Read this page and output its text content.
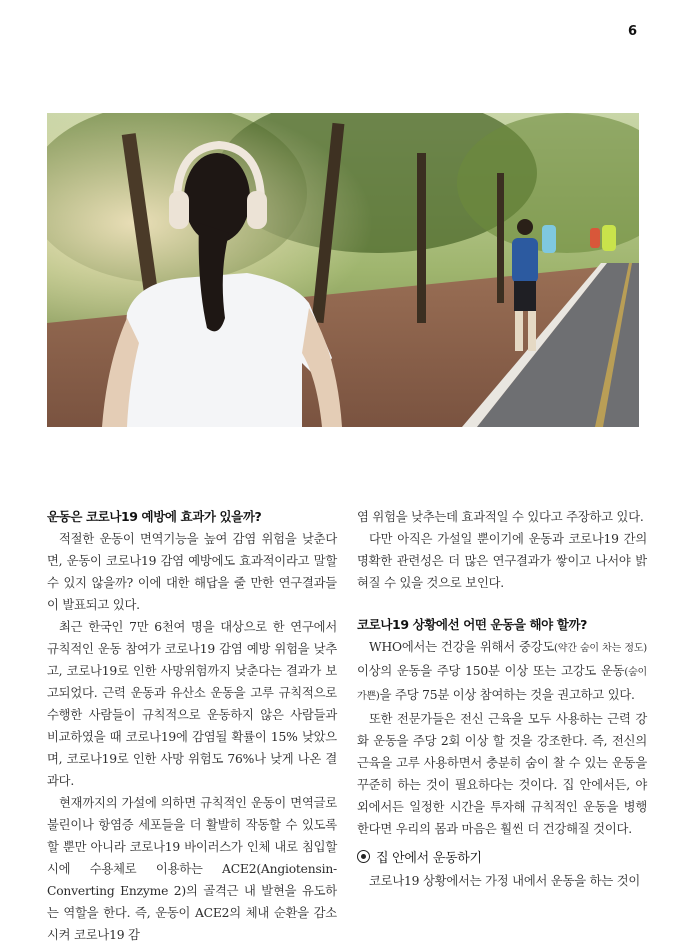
6
운동은 코로나19 예방에 효과가 있을까?

적절한 운동이 면역기능을 높여 감염 위험을 낮춘다면, 운동이 코로나19 감염 예방에도 효과적이라고 말할 수 있지 않을까? 이에 대한 해답을 줄 만한 연구결과들이 발표되고 있다.

최근 한국인 7만 6천여 명을 대상으로 한 연구에서 규칙적인 운동 참여가 코로나19 감염 예방 위험을 낮추고, 코로나19로 인한 사망위험까지 낮춘다는 결과가 보고되었다. 근력 운동과 유산소 운동을 고루 규칙적으로 수행한 사람들이 규칙적으로 운동하지 않은 사람들과 비교하였을 때 코로나19에 감염될 확률이 15% 낮았으며, 코로나19로 인한 사망 위험도 76%나 낮게 나온 결과다.

현재까지의 가설에 의하면 규칙적인 운동이 면역글로불린이나 항염증 세포들을 더 활발히 작동할 수 있도록 할 뿐만 아니라 코로나19 바이러스가 인체 내로 침입할 시에 수용체로 이용하는 ACE2(Angiotensin-Converting Enzyme 2)의 골격근 내 발현을 유도하는 역할을 한다. 즉, 운동이 ACE2의 체내 순환을 감소시켜 코로나19 감

염 위험을 낮추는데 효과적일 수 있다고 주장하고 있다.

다만 아직은 가설일 뿐이기에 운동과 코로나19 간의 명확한 관련성은 더 많은 연구결과가 쌓이고 나서야 밝혀질 수 있을 것으로 보인다.

코로나19 상황에선 어떤 운동을 해야 할까?

WHO에서는 건강을 위해서 중강도(약간 숨이 차는 정도) 이상의 운동을 주당 150분 이상 또는 고강도 운동(숨이 가쁜)을 주당 75분 이상 참여하는 것을 권고하고 있다.

또한 전문가들은 전신 근육을 모두 사용하는 근력 강화 운동을 주당 2회 이상 할 것을 강조한다. 즉, 전신의 근육을 고루 사용하면서 충분히 숨이 찰 수 있는 운동을 꾸준히 하는 것이 필요하다는 것이다. 집 안에서든, 야외에서든 일정한 시간을 투자해 규칙적인 운동을 병행한다면 우리의 몸과 마음은 훨씬 더 건강해질 것이다.

집 안에서 운동하기

코로나19 상황에서는 가정 내에서 운동을 하는 것이
